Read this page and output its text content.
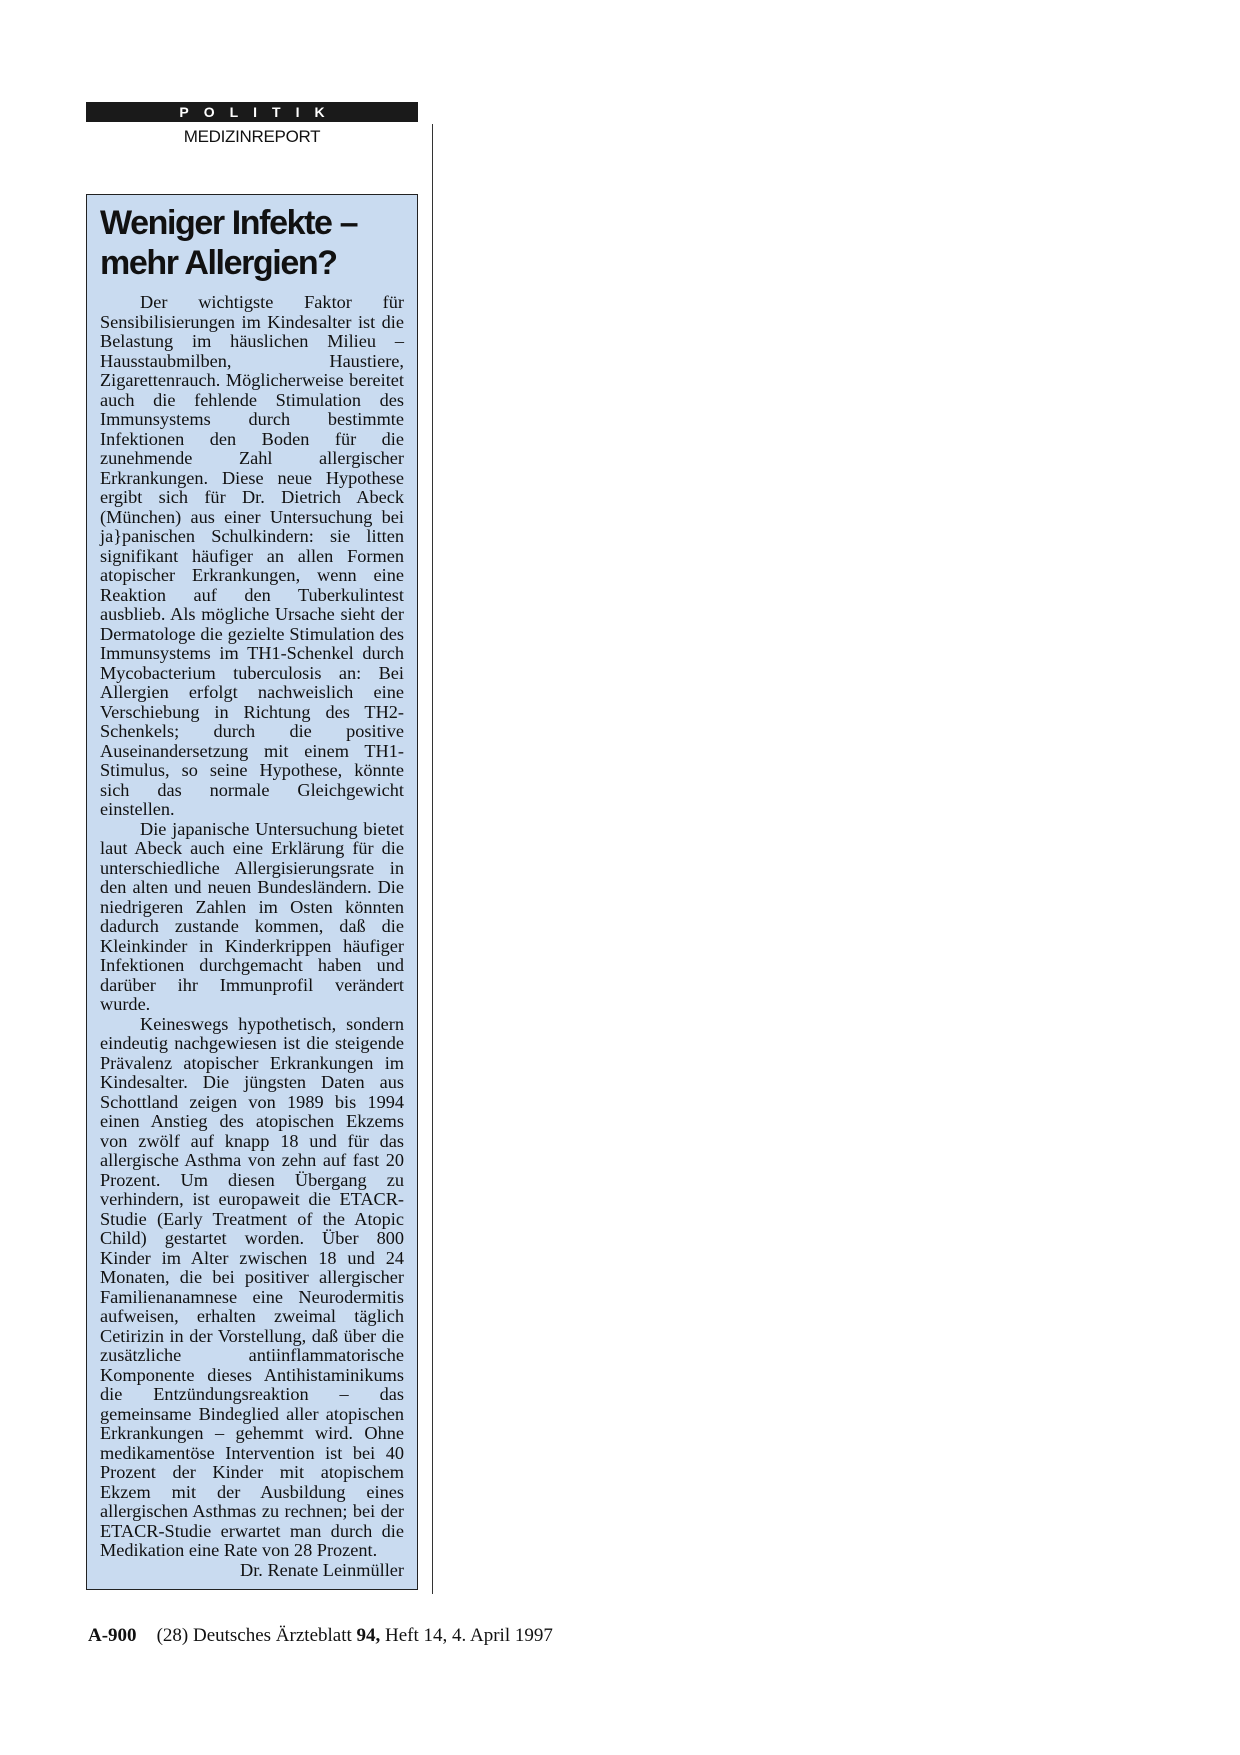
POLITIK
MEDIZINREPORT
Weniger Infekte –
mehr Allergien?

Der wichtigste Faktor für Sensibilisierungen im Kindesalter ist die Belastung im häuslichen Milieu – Hausstaubmilben, Haustiere, Zigarettenrauch. Möglicherweise bereitet auch die fehlende Stimulation des Immunsystems durch bestimmte Infektionen den Boden für die zunehmende Zahl allergischer Erkrankungen. Diese neue Hypothese ergibt sich für Dr. Dietrich Abeck (München) aus einer Untersuchung bei ja}panischen Schulkindern: sie litten signifikant häufiger an allen Formen atopischer Erkrankungen, wenn eine Reaktion auf den Tuberkulintest ausblieb. Als mögliche Ursache sieht der Dermatologe die gezielte Stimulation des Immunsystems im TH1-Schenkel durch Mycobacterium tuberculosis an: Bei Allergien erfolgt nachweislich eine Verschiebung in Richtung des TH2-Schenkels; durch die positive Auseinandersetzung mit einem TH1-Stimulus, so seine Hypothese, könnte sich das normale Gleichgewicht einstellen.

Die japanische Untersuchung bietet laut Abeck auch eine Erklärung für die unterschiedliche Allergisierungsrate in den alten und neuen Bundesländern. Die niedrigeren Zahlen im Osten könnten dadurch zustande kommen, daß die Kleinkinder in Kinderkrippen häufiger Infektionen durchgemacht haben und darüber ihr Immunprofil verändert wurde.

Keineswegs hypothetisch, sondern eindeutig nachgewiesen ist die steigende Prävalenz atopischer Erkrankungen im Kindesalter. Die jüngsten Daten aus Schottland zeigen von 1989 bis 1994 einen Anstieg des atopischen Ekzems von zwölf auf knapp 18 und für das allergische Asthma von zehn auf fast 20 Prozent. Um diesen Übergang zu verhindern, ist europaweit die ETACR-Studie (Early Treatment of the Atopic Child) gestartet worden. Über 800 Kinder im Alter zwischen 18 und 24 Monaten, die bei positiver allergischer Familienanamnese eine Neurodermitis aufweisen, erhalten zweimal täglich Cetirizin in der Vorstellung, daß über die zusätzliche antiinflammatorische Komponente dieses Antihistaminikums die Entzündungsreaktion – das gemeinsame Bindeglied aller atopischen Erkrankungen – gehemmt wird. Ohne medikamentöse Intervention ist bei 40 Prozent der Kinder mit atopischem Ekzem mit der Ausbildung eines allergischen Asthmas zu rechnen; bei der ETACR-Studie erwartet man durch die Medikation eine Rate von 28 Prozent.
Dr. Renate Leinmüller

A-900 (28) Deutsches Ärzteblatt 94, Heft 14, 4. April 1997
